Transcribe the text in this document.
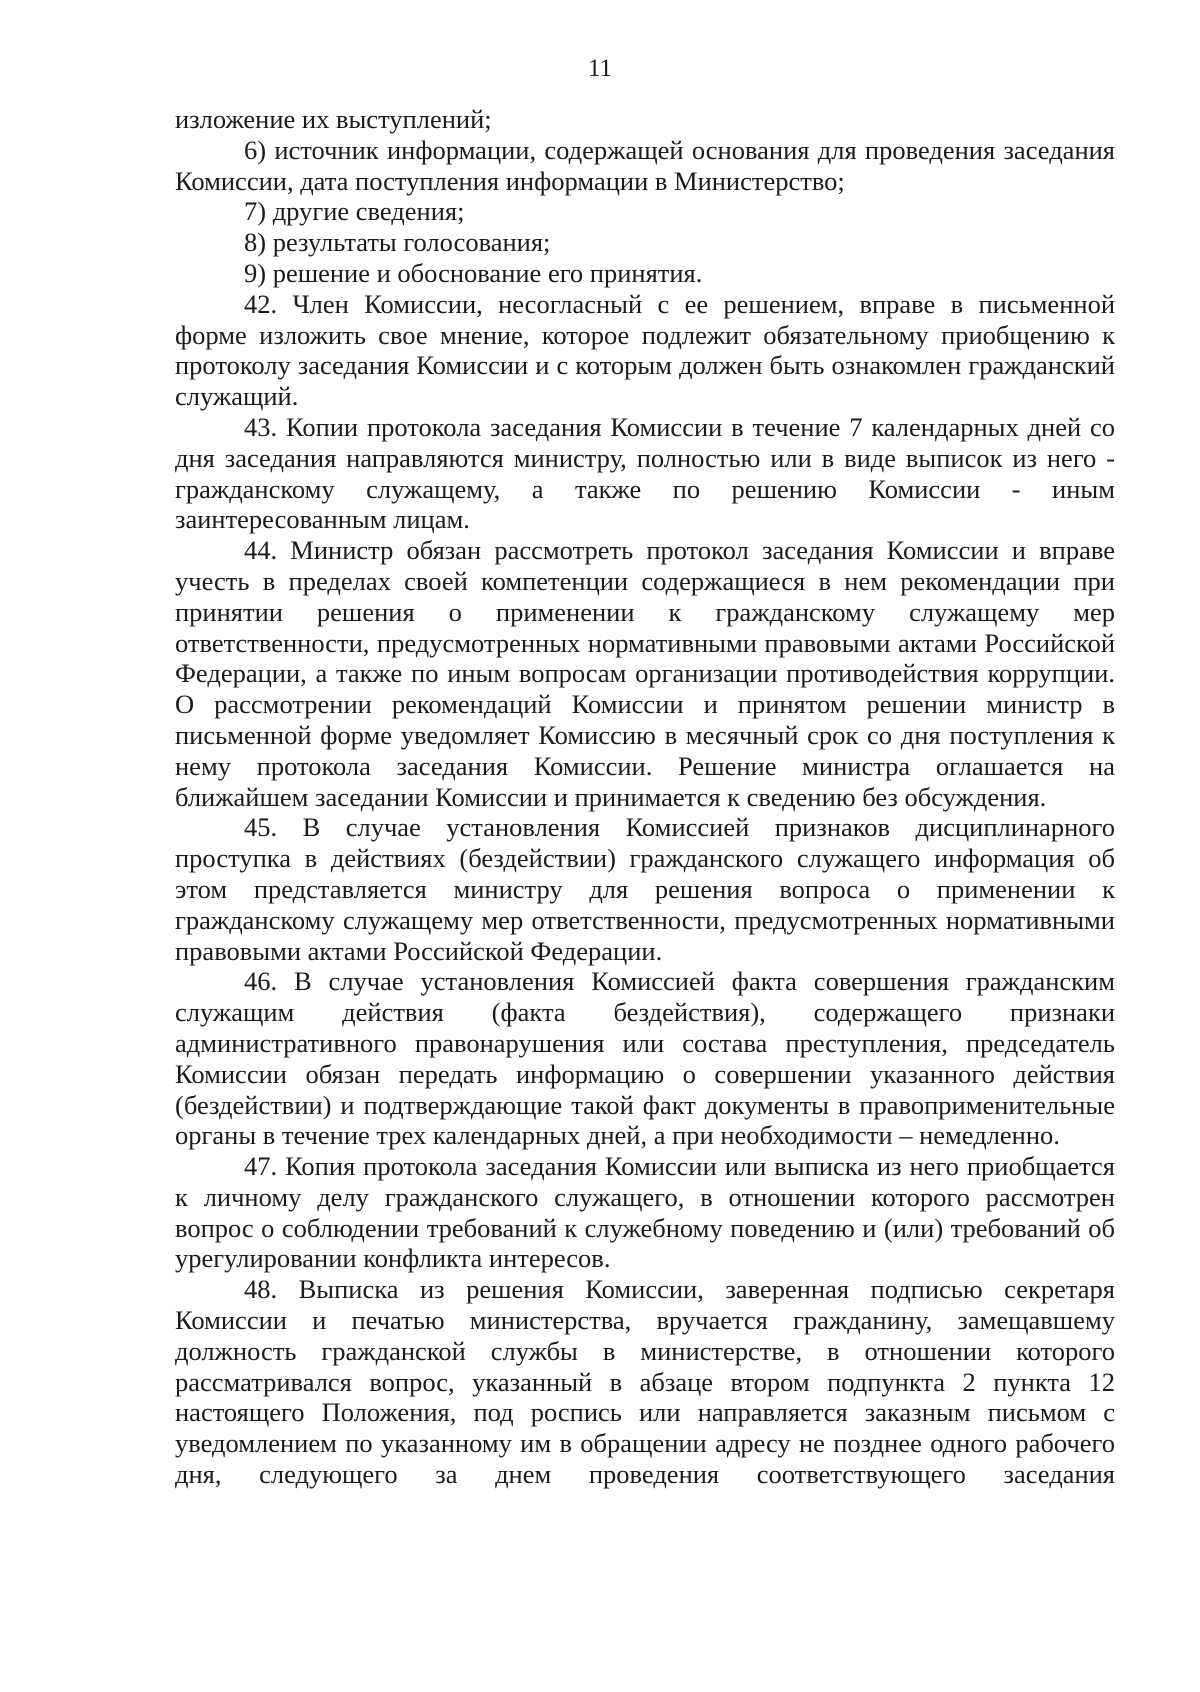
11

изложение их выступлений;

6) источник информации, содержащей основания для проведения заседания Комиссии, дата поступления информации в Министерство;

7) другие сведения;

8) результаты голосования;

9) решение и обоснование его принятия.

42. Член Комиссии, несогласный с ее решением, вправе в письменной форме изложить свое мнение, которое подлежит обязательному приобщению к протоколу заседания Комиссии и с которым должен быть ознакомлен гражданский служащий.

43. Копии протокола заседания Комиссии в течение 7 календарных дней со дня заседания направляются министру, полностью или в виде выписок из него - гражданскому служащему, а также по решению Комиссии - иным заинтересованным лицам.

44. Министр обязан рассмотреть протокол заседания Комиссии и вправе учесть в пределах своей компетенции содержащиеся в нем рекомендации при принятии решения о применении к гражданскому служащему мер ответственности, предусмотренных нормативными правовыми актами Российской Федерации, а также по иным вопросам организации противодействия коррупции. О рассмотрении рекомендаций Комиссии и принятом решении министр в письменной форме уведомляет Комиссию в месячный срок со дня поступления к нему протокола заседания Комиссии. Решение министра оглашается на ближайшем заседании Комиссии и принимается к сведению без обсуждения.

45. В случае установления Комиссией признаков дисциплинарного проступка в действиях (бездействии) гражданского служащего информация об этом представляется министру для решения вопроса о применении к гражданскому служащему мер ответственности, предусмотренных нормативными правовыми актами Российской Федерации.

46. В случае установления Комиссией факта совершения гражданским служащим действия (факта бездействия), содержащего признаки административного правонарушения или состава преступления, председатель Комиссии обязан передать информацию о совершении указанного действия (бездействии) и подтверждающие такой факт документы в правоприменительные органы в течение трех календарных дней, а при необходимости – немедленно.

47. Копия протокола заседания Комиссии или выписка из него приобщается к личному делу гражданского служащего, в отношении которого рассмотрен вопрос о соблюдении требований к служебному поведению и (или) требований об урегулировании конфликта интересов.

48. Выписка из решения Комиссии, заверенная подписью секретаря Комиссии и печатью министерства, вручается гражданину, замещавшему должность гражданской службы в министерстве, в отношении которого рассматривался вопрос, указанный в абзаце втором подпункта 2 пункта 12 настоящего Положения, под роспись или направляется заказным письмом с уведомлением по указанному им в обращении адресу не позднее одного рабочего дня, следующего за днем проведения соответствующего заседания
